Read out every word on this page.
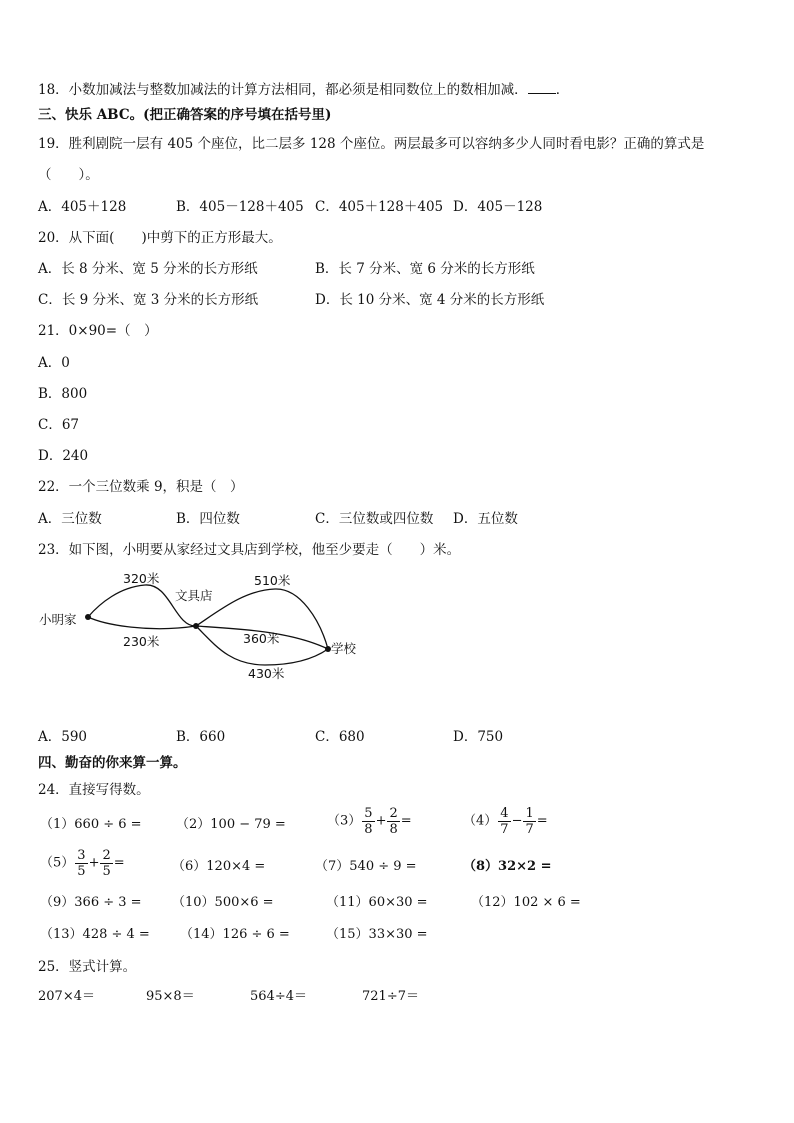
18．小数加减法与整数加减法的计算方法相同，都必须是相同数位上的数相加减． ．
三、快乐 ABC。(把正确答案的序号填在括号里)
19．胜利剧院一层有 405 个座位，比二层多 128 个座位。两层最多可以容纳多少人同时看电影？正确的算式是
（　　）。
A．405＋128	B．405－128＋405 C．405＋128＋405 D．405－128
20．从下面(　　)中剪下的正方形最大。
A．长 8 分米、宽 5 分米的长方形纸	B．长 7 分米、宽 6 分米的长方形纸
C．长 9 分米、宽 3 分米的长方形纸	D．长 10 分米、宽 4 分米的长方形纸
21．0×90=（　）
A．0
B．800
C．67
D．240
22．一个三位数乘 9，积是（　）
A．三位数	B．四位数	C．三位数或四位数 D．五位数
23．如下图，小明要从家经过文具店到学校，他至少要走（　　）米。
小明家
文具店
学校
320米
230米
510米
360米
430米
A．590	B．660	C．680	D．750
四、勤奋的你来算一算。
24．直接写得数。
（1）660 ÷ 6 =	（2）100 − 79 =	$(3) \frac{5}{8} + \frac{2}{8}$ =	$(4) \frac{4}{7} - \frac{1}{7}$ =
$(5) \frac{3}{5} + \frac{2}{5}$ =	（6）120×4 =	（7）540 ÷ 9 =	（8）32×2 =
（9）366 ÷ 3 = （10）500×6 =	（11）60×30 =	（12）102 × 6 =
（13）428 ÷ 4 = （14）126 ÷ 6 =	（15）33×30 =
25．竖式计算。
207×4＝	95×8＝	564÷4＝	721÷7＝
